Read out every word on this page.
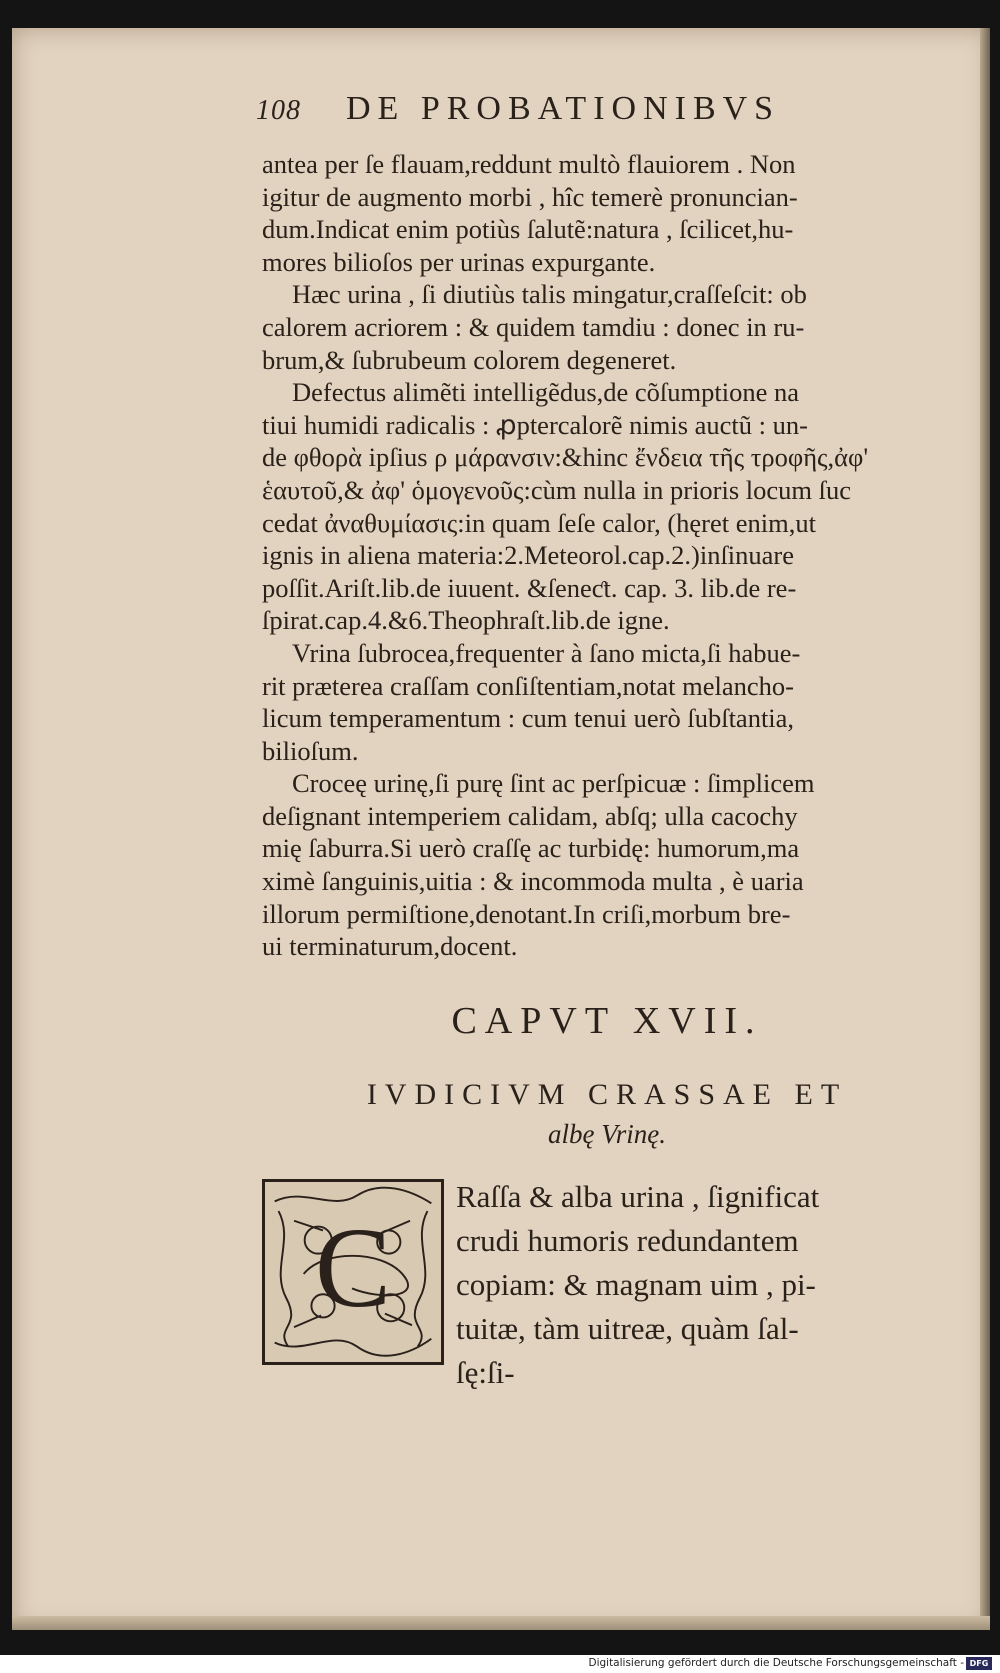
108	DE PROBATIONIBVS
antea per ſe flauam,reddunt multò flauiorem . Non
igitur de augmento morbi , hîc temerè pronuncian-
dum.Indicat enim potiùs ſalutẽ:natura , ſcilicet,hu-
mores bilioſos per urinas expurgante.
Hæc urina , ſi diutiùs talis mingatur,craſſeſcit: ob
calorem acriorem : & quidem tamdiu : donec in ru-
brum,& ſubrubeum colorem degeneret.
Defectus alimẽti intelligẽdus,de cõſumptione na
tiui humidi radicalis : ꝓptercalorẽ nimis auctũ : un-
de φθορὰ ipſius ρ μάρανσιν:&hinc ἔνδεια τῆς τροφῆς,ἀφ'
ἑαυτοῦ,& ἀφ' ὁμογενοῦς:cùm nulla in prioris locum ſuc
cedat ἀναθυμίασις:in quam ſeſe calor, (hęret enim,ut
ignis in aliena materia:2.Meteorol.cap.2.)inſinuare
poſſit.Ariſt.lib.de iuuent. &ſeneƈt. cap. 3. lib.de re-
ſpirat.cap.4.&6.Theophraſt.lib.de igne.
Vrina ſubrocea,frequenter à ſano micta,ſi habue-
rit prӕterea craſſam conſiſtentiam,notat melancho-
licum temperamentum : cum tenui uerò ſubſtantia,
bilioſum.
Croceę urinę,ſi purę ſint ac perſpicuæ : ſimplicem
deſignant intemperiem calidam, abſq; ulla cacochy
mię ſaburra.Si uerò craſſę ac turbidę: humorum,ma
ximè ſanguinis,uitia : & incommoda multa , è uaria
illorum permiſtione,denotant.In criſi,morbum bre-
ui terminaturum,docent.
CAPVT XVII.
IVDICIVM CRASSAE ET
albę Vrinę.
C
Raſſa & alba urina , ſignificat
crudi humoris redundantem
copiam: & magnam uim , pi-
tuitæ, tàm uitreæ, quàm ſal-
ſę:ſi-
Digitalisierung gefördert durch die Deutsche Forschungsgemeinschaft - DFG
